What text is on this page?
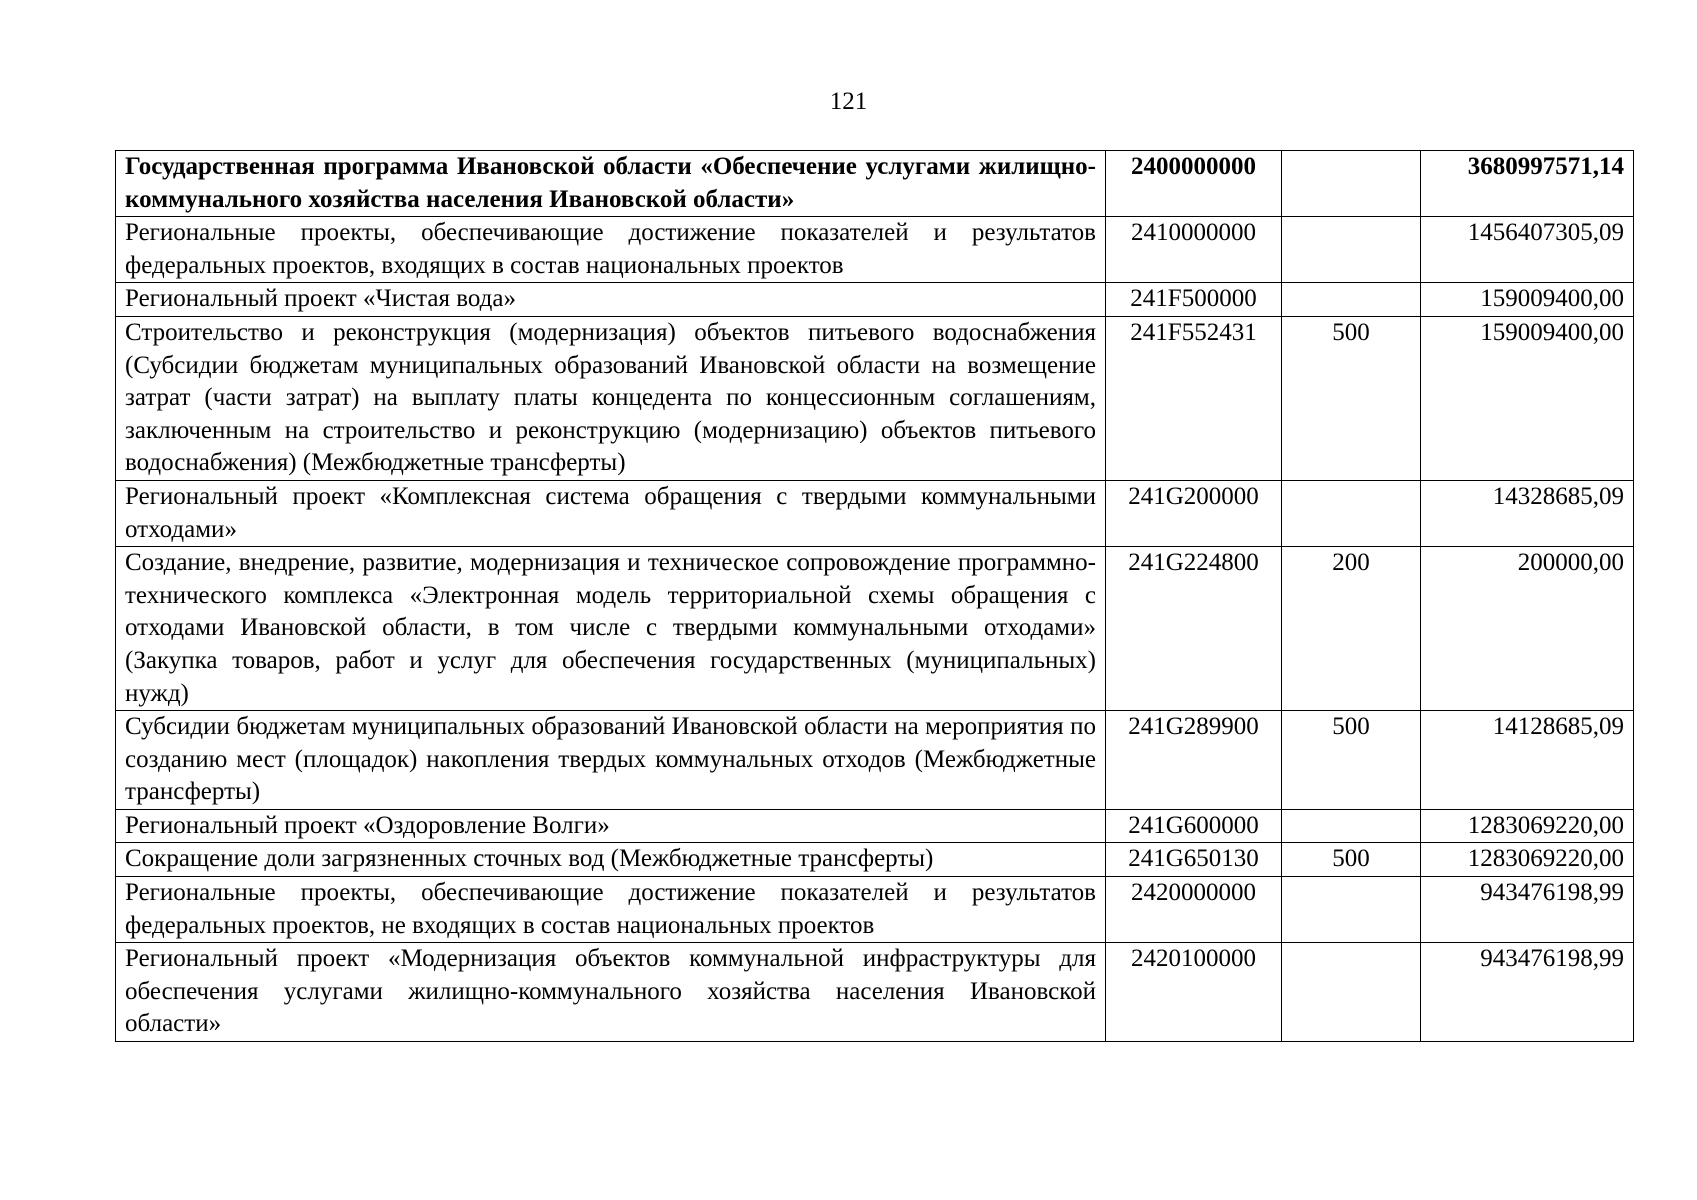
121
Государственная программа Ивановской области «Обеспечение услугами жилищно-коммунального хозяйства населения Ивановской области»	2400000000		3680997571,14
Региональные проекты, обеспечивающие достижение показателей и результатов федеральных проектов, входящих в состав национальных проектов	2410000000		1456407305,09
Региональный проект «Чистая вода»	241F500000		159009400,00
Строительство и реконструкция (модернизация) объектов питьевого водоснабжения (Субсидии бюджетам муниципальных образований Ивановской области на возмещение затрат (части затрат) на выплату платы концедента по концессионным соглашениям, заключенным на строительство и реконструкцию (модернизацию) объектов питьевого водоснабжения) (Межбюджетные трансферты)	241F552431	500	159009400,00
Региональный проект «Комплексная система обращения с твердыми коммунальными отходами»	241G200000		14328685,09
Создание, внедрение, развитие, модернизация и техническое сопровождение программно-технического комплекса «Электронная модель территориальной схемы обращения с отходами Ивановской области, в том числе с твердыми коммунальными отходами» (Закупка товаров, работ и услуг для обеспечения государственных (муниципальных) нужд)	241G224800	200	200000,00
Субсидии бюджетам муниципальных образований Ивановской области на мероприятия по созданию мест (площадок) накопления твердых коммунальных отходов (Межбюджетные трансферты)	241G289900	500	14128685,09
Региональный проект «Оздоровление Волги»	241G600000		1283069220,00
Сокращение доли загрязненных сточных вод (Межбюджетные трансферты)	241G650130	500	1283069220,00
Региональные проекты, обеспечивающие достижение показателей и результатов федеральных проектов, не входящих в состав национальных проектов	2420000000		943476198,99
Региональный проект «Модернизация объектов коммунальной инфраструктуры для обеспечения услугами жилищно-коммунального хозяйства населения Ивановской области»	2420100000		943476198,99
